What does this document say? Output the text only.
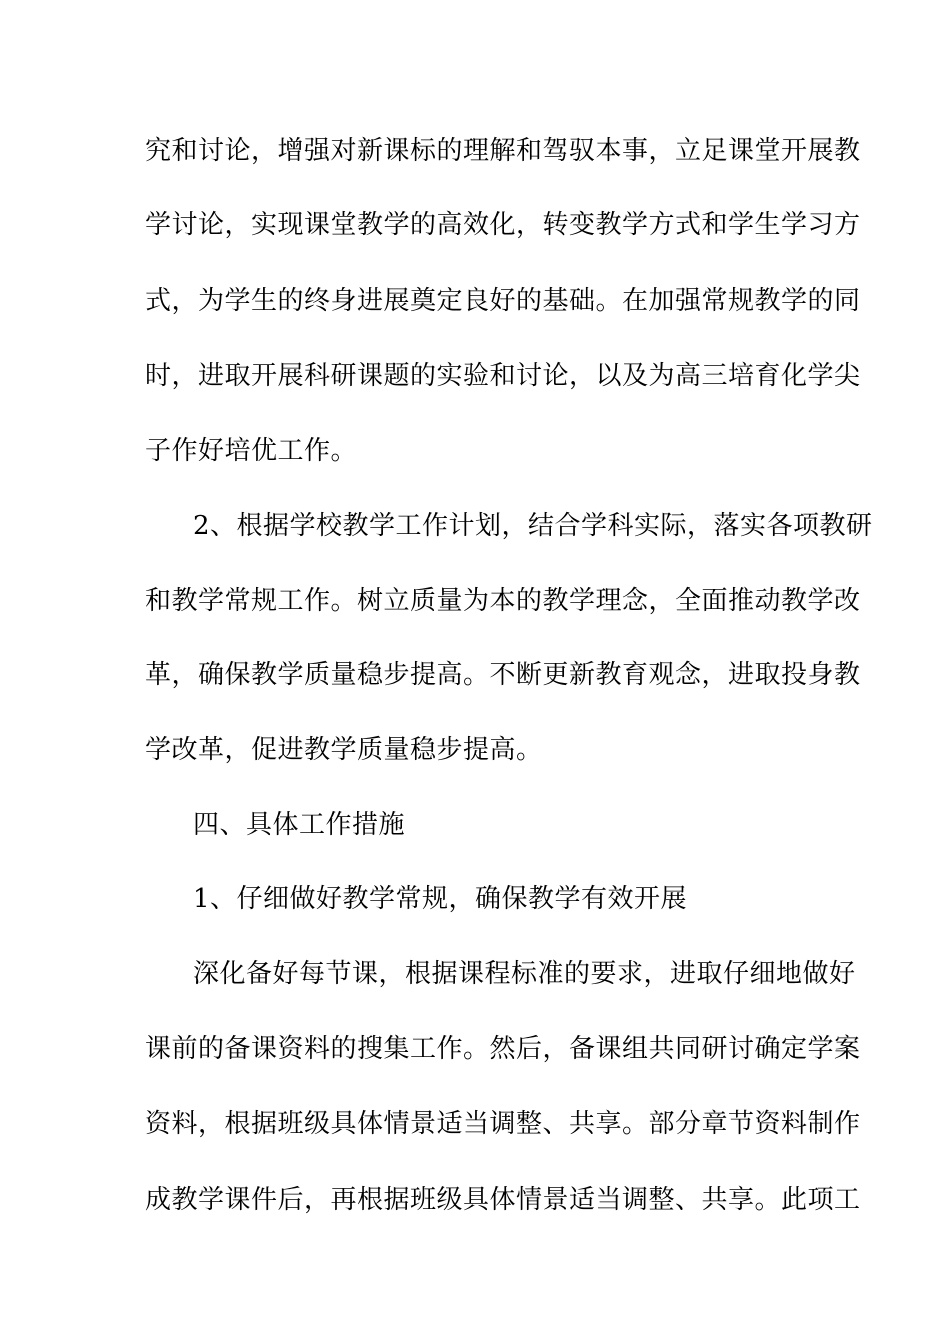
究和讨论，增强对新课标的理解和驾驭本事，立足课堂开展教
学讨论，实现课堂教学的高效化，转变教学方式和学生学习方
式，为学生的终身进展奠定良好的基础。在加强常规教学的同
时，进取开展科研课题的实验和讨论，以及为高三培育化学尖
子作好培优工作。
2、根据学校教学工作计划，结合学科实际，落实各项教研
和教学常规工作。树立质量为本的教学理念，全面推动教学改
革，确保教学质量稳步提高。不断更新教育观念，进取投身教
学改革，促进教学质量稳步提高。
四、具体工作措施
1、仔细做好教学常规，确保教学有效开展
深化备好每节课，根据课程标准的要求，进取仔细地做好
课前的备课资料的搜集工作。然后，备课组共同研讨确定学案
资料，根据班级具体情景适当调整、共享。部分章节资料制作
成教学课件后，再根据班级具体情景适当调整、共享。此项工
